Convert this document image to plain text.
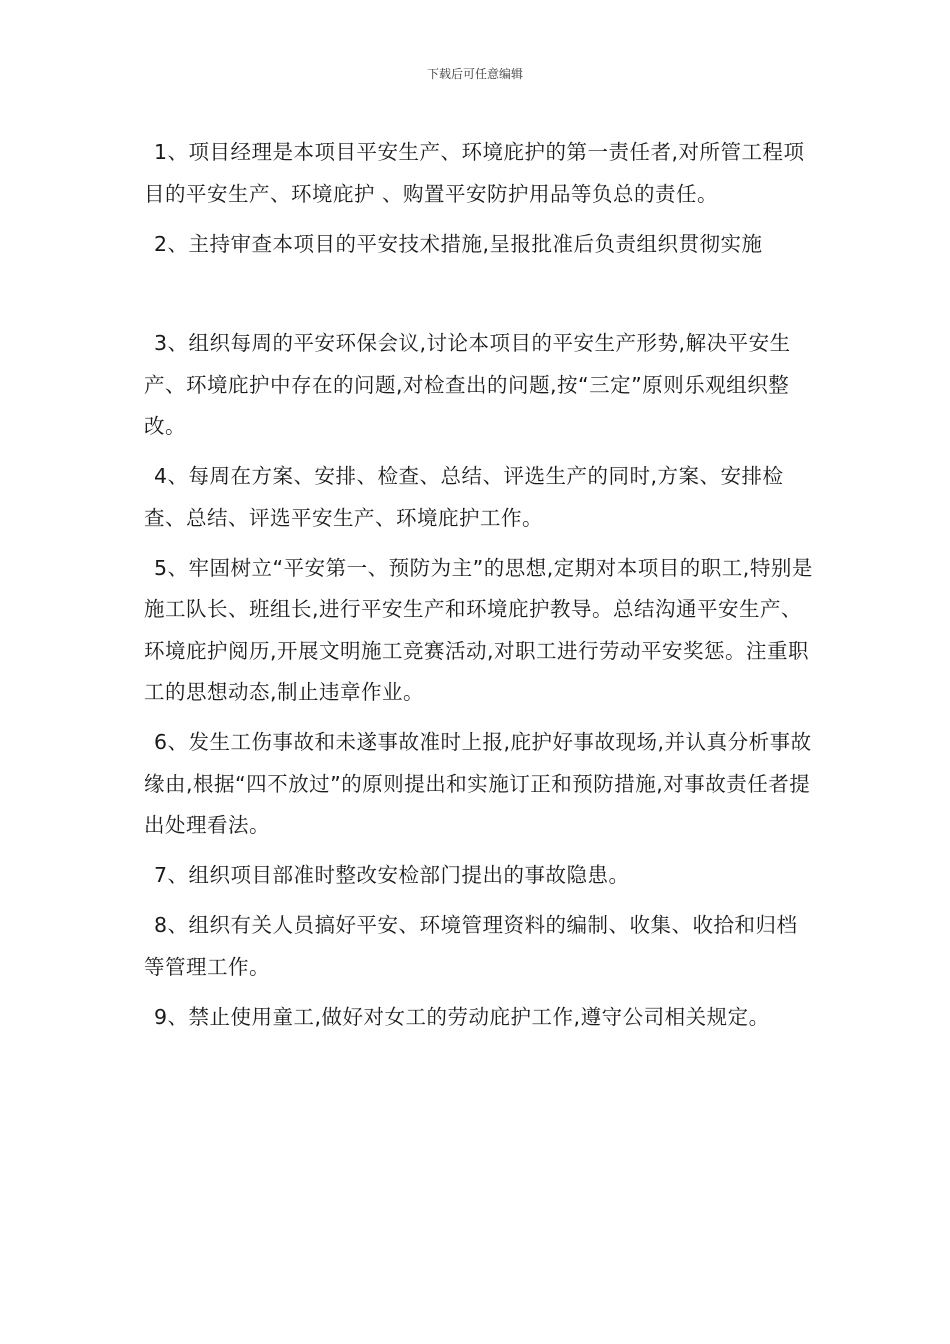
下载后可任意编辑

1、项目经理是本项目平安生产、环境庇护的第一责任者,对所管工程项目的平安生产、环境庇护 、购置平安防护用品等负总的责任。

2、主持审查本项目的平安技术措施,呈报批准后负责组织贯彻实施

3、组织每周的平安环保会议,讨论本项目的平安生产形势,解决平安生产、环境庇护中存在的问题,对检查出的问题,按“三定”原则乐观组织整改。

4、每周在方案、安排、检查、总结、评选生产的同时,方案、安排检查、总结、评选平安生产、环境庇护工作。

5、牢固树立“平安第一、预防为主”的思想,定期对本项目的职工,特别是施工队长、班组长,进行平安生产和环境庇护教导。总结沟通平安生产、环境庇护阅历,开展文明施工竞赛活动,对职工进行劳动平安奖惩。注重职工的思想动态,制止违章作业。

6、发生工伤事故和未遂事故准时上报,庇护好事故现场,并认真分析事故缘由,根据“四不放过”的原则提出和实施订正和预防措施,对事故责任者提出处理看法。

7、组织项目部准时整改安检部门提出的事故隐患。

8、组织有关人员搞好平安、环境管理资料的编制、收集、收拾和归档等管理工作。

9、禁止使用童工,做好对女工的劳动庇护工作,遵守公司相关规定。
